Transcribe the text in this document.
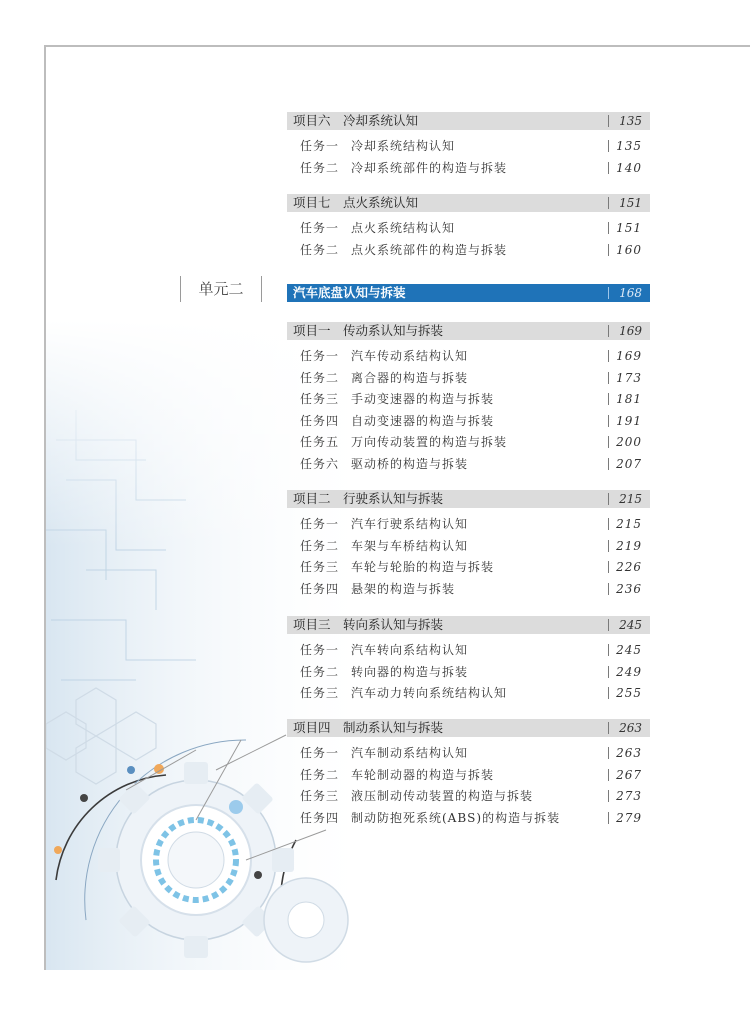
单元二	汽车底盘认知与拆装	168
项目六 冷却系统认知	135
任务一 冷却系统结构认知	135
任务二 冷却系统部件的构造与拆装	140
项目七 点火系统认知	151
任务一 点火系统结构认知	151
任务二 点火系统部件的构造与拆装	160
项目一 传动系认知与拆装	169
任务一 汽车传动系结构认知	169
任务二 离合器的构造与拆装	173
任务三 手动变速器的构造与拆装	181
任务四 自动变速器的构造与拆装	191
任务五 万向传动装置的构造与拆装	200
任务六 驱动桥的构造与拆装	207
项目二 行驶系认知与拆装	215
任务一 汽车行驶系结构认知	215
任务二 车架与车桥结构认知	219
任务三 车轮与轮胎的构造与拆装	226
任务四 悬架的构造与拆装	236
项目三 转向系认知与拆装	245
任务一 汽车转向系结构认知	245
任务二 转向器的构造与拆装	249
任务三 汽车动力转向系统结构认知	255
项目四 制动系认知与拆装	263
任务一 汽车制动系结构认知	263
任务二 车轮制动器的构造与拆装	267
任务三 液压制动传动装置的构造与拆装	273
任务四 制动防抱死系统(ABS)的构造与拆装	279
